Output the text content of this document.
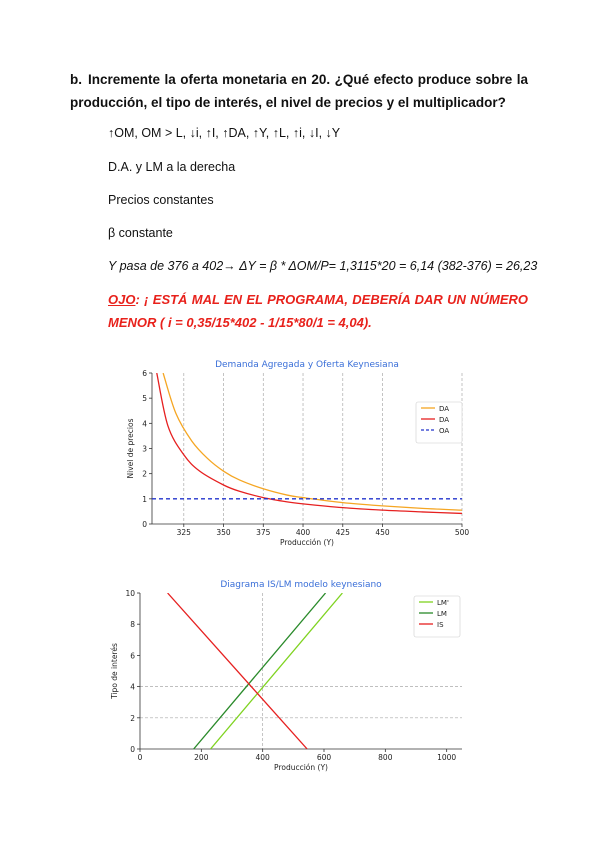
b. Incremente la oferta monetaria en 20. ¿Qué efecto produce sobre la producción, el tipo de interés, el nivel de precios y el multiplicador?
↑OM, OM > L, ↓i, ↑I, ↑DA, ↑Y, ↑L, ↑i, ↓I, ↓Y
D.A. y LM a la derecha
Precios constantes
β constante
Y pasa de 376 a 402→ ΔY = β * ΔOM/P= 1,3115*20 = 6,14 (382-376) = 26,23
OJO: ¡ ESTÁ MAL EN EL PROGRAMA, DEBERÍA DAR UN NÚMERO MENOR ( i = 0,35/15*402 - 1/15*80/1 = 4,04).
Demanda Agregada y Oferta Keynesiana
325	350	375	400	425	450	500
0
1
2
3
4
5
6
Producción (Y)
Nivel de precios
DA
DA
OA
Diagrama IS/LM modelo keynesiano
0	200	400	600	800	1000
0
2
4
6
8
10
Producción (Y)
Tipo de interés
LM'
LM
IS
